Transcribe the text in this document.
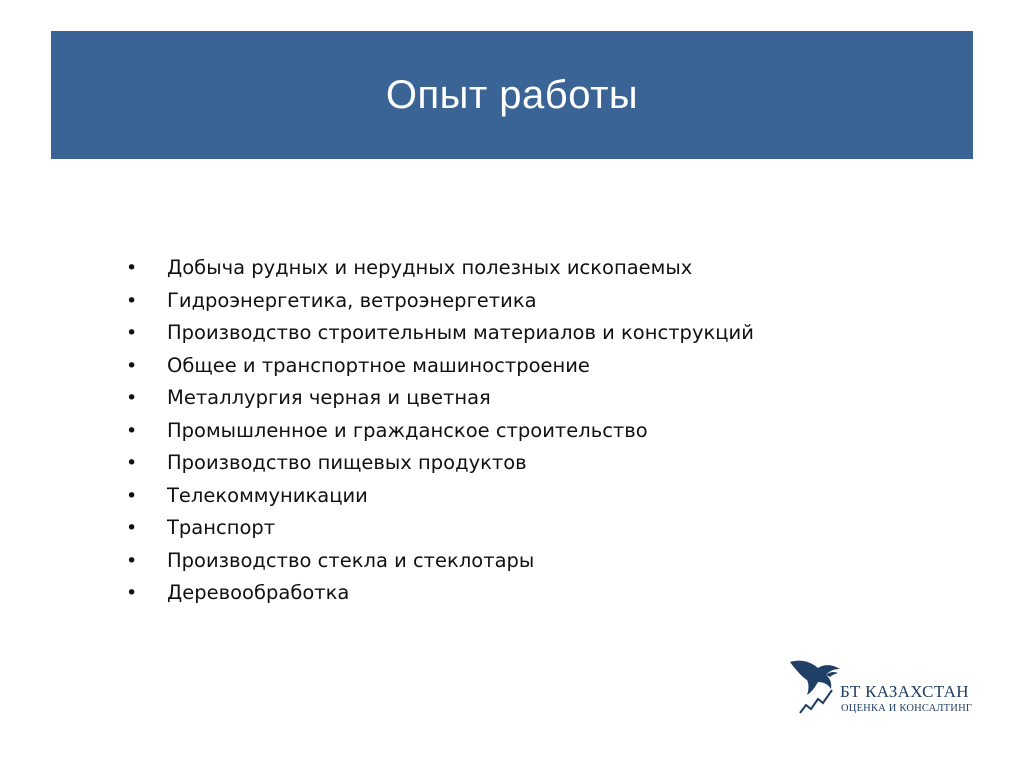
Опыт работы
•	Добыча рудных и нерудных полезных ископаемых
•	Гидроэнергетика, ветроэнергетика
•	Производство строительным материалов и конструкций
•	Общее и транспортное машиностроение
•	Металлургия черная и цветная
•	Промышленное и гражданское строительство
•	Производство пищевых продуктов
•	Телекоммуникации
•	Транспорт
•	Производство стекла и стеклотары
•	Деревообработка
БТ КАЗАХСТАН
ОЦЕНКА И КОНСАЛТИНГ
